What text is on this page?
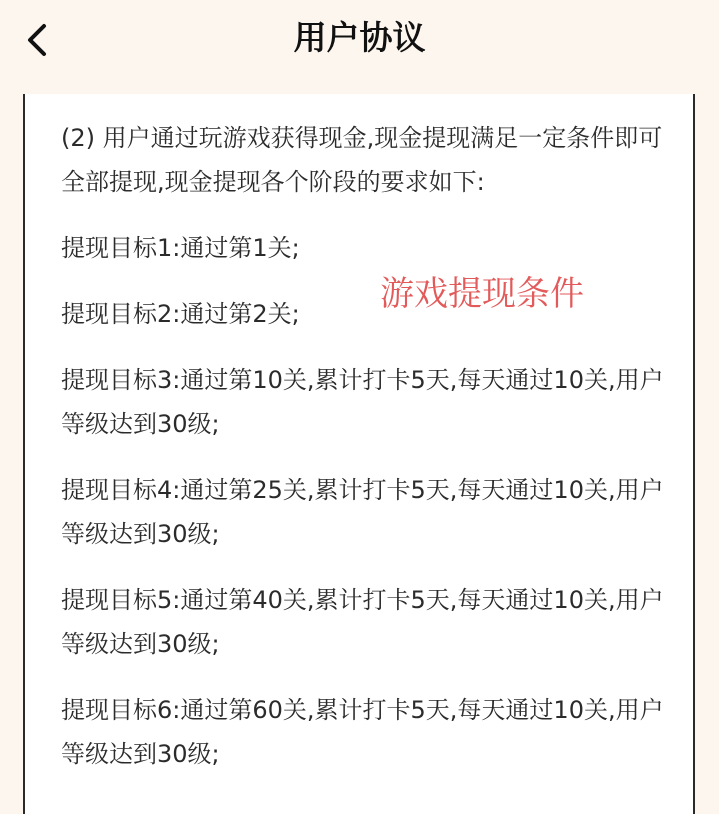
用户协议

(2) 用户通过玩游戏获得现金,现金提现满足一定条件即可全部提现,现金提现各个阶段的要求如下:

提现目标1:通过第1关;

提现目标2:通过第2关;

提现目标3:通过第10关,累计打卡5天,每天通过10关,用户等级达到30级;

提现目标4:通过第25关,累计打卡5天,每天通过10关,用户等级达到30级;

提现目标5:通过第40关,累计打卡5天,每天通过10关,用户等级达到30级;

提现目标6:通过第60关,累计打卡5天,每天通过10关,用户等级达到30级;

游戏提现条件
